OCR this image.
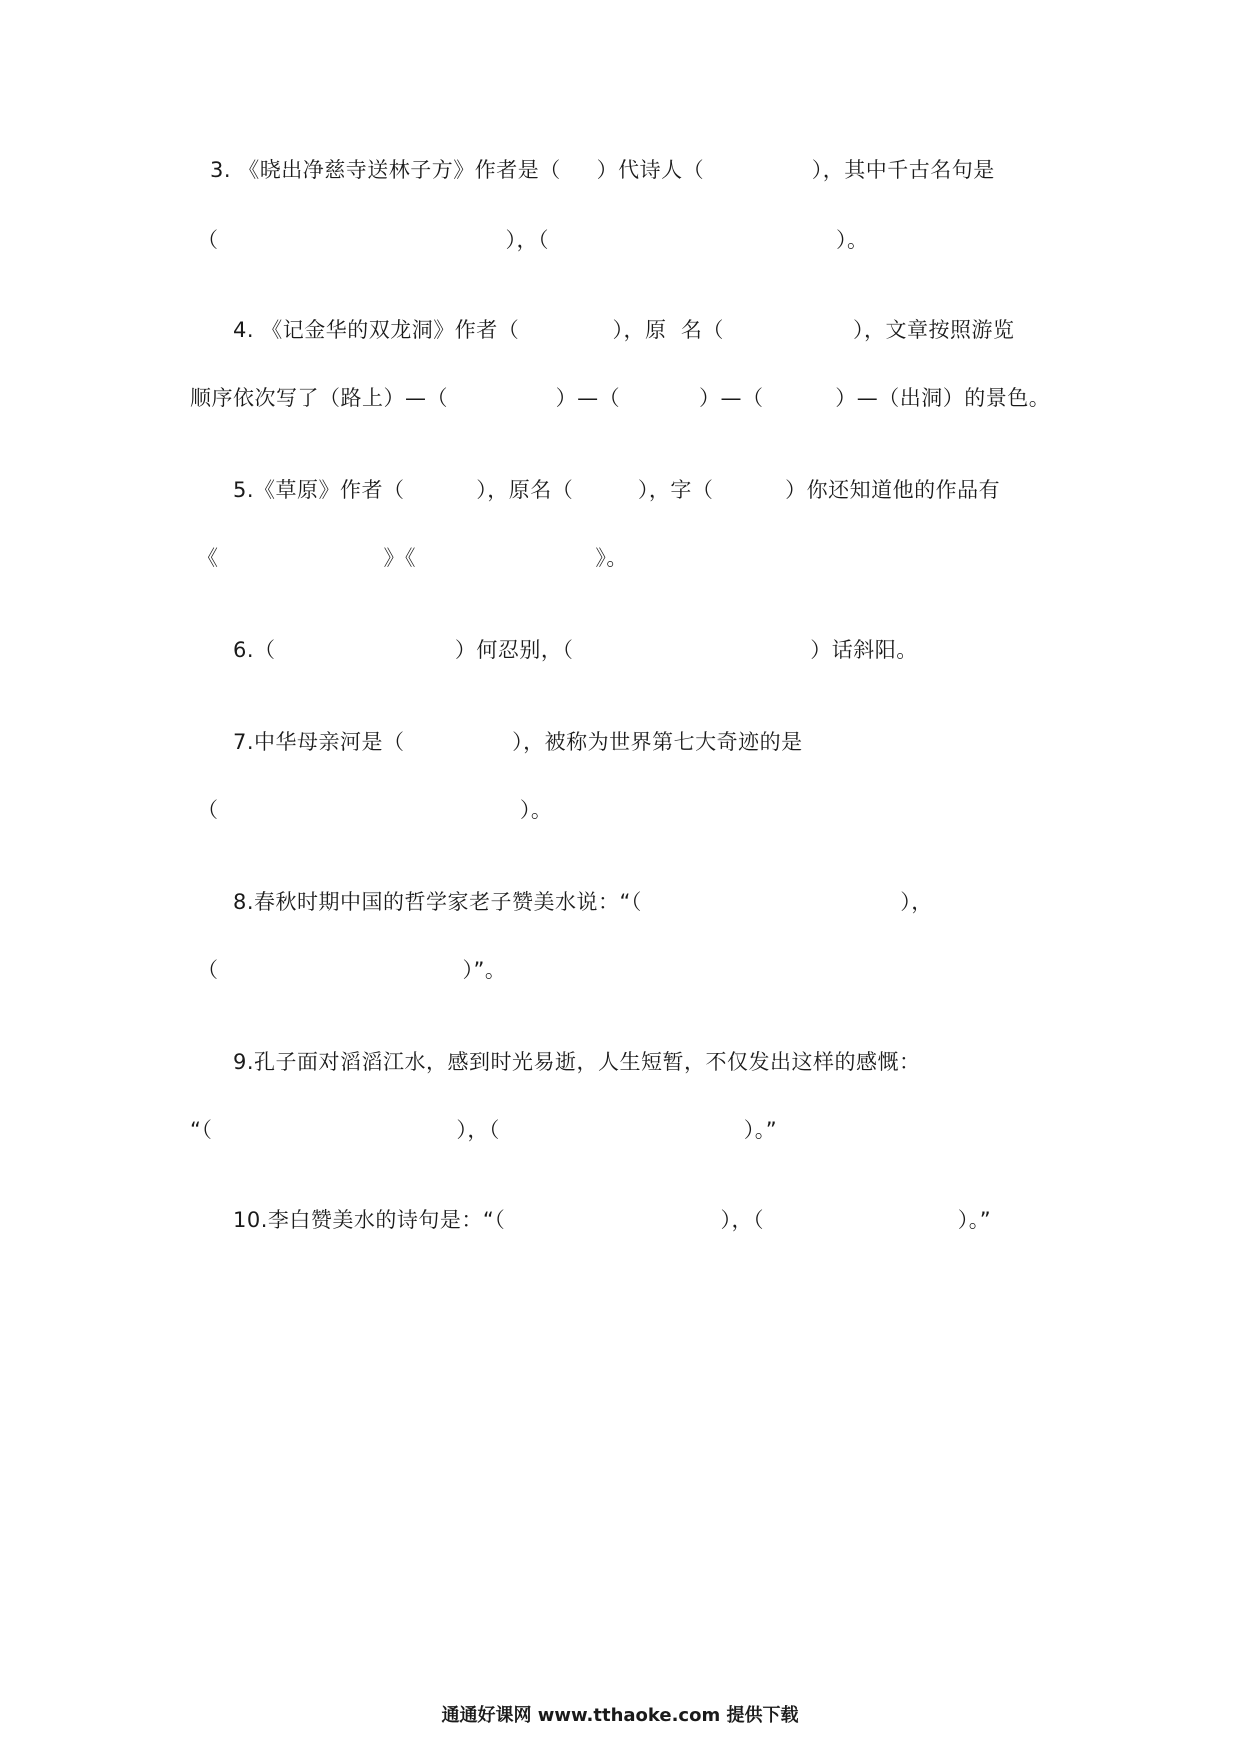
3. 《晓出净慈寺送林子方》作者是（     ）代诗人（               ），其中千古名句是
（                                        ），（                                        ）。
4. 《记金华的双龙洞》作者（             ），原  名（                  ），文章按照游览
顺序依次写了（路上）—（               ）—（           ）—（          ）—（出洞）的景色。
5.《草原》作者（          ），原名（         ），字（          ）你还知道他的作品有
《                       》《                         》。
6.（                         ）何忍别，（                                 ）话斜阳。
7.中华母亲河是（               ），被称为世界第七大奇迹的是
（                                          ）。
8.春秋时期中国的哲学家老子赞美水说：“（                                    ），
（                                  ）”。
9.孔子面对滔滔江水，感到时光易逝，人生短暂，不仅发出这样的感慨：
“（                                  ），（                                  ）。”
10.李白赞美水的诗句是：“（                              ），（                           ）。”
通通好课网 www.tthaoke.com 提供下载
